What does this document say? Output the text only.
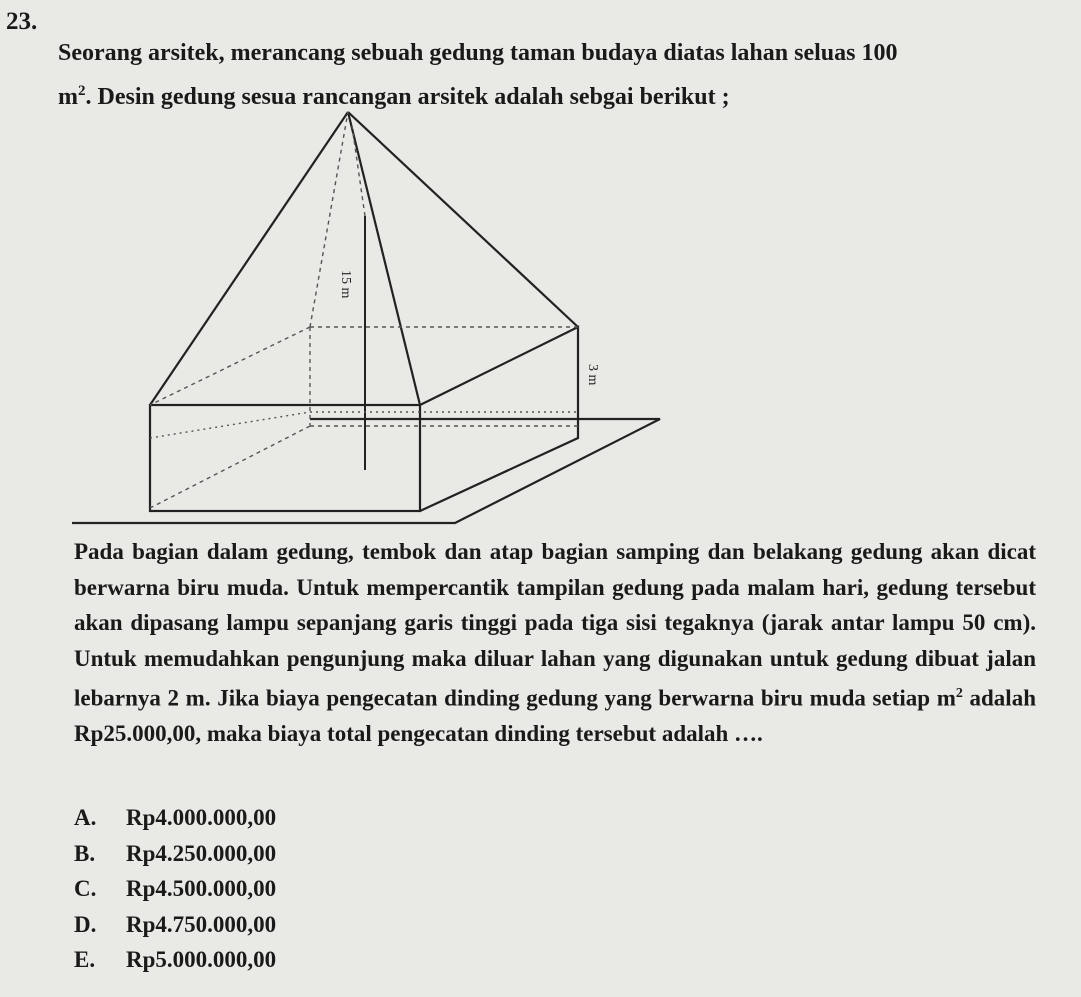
23.
Seorang arsitek, merancang sebuah gedung taman budaya diatas lahan seluas 100
$m^2$. Desin gedung sesua rancangan arsitek adalah sebgai berikut ;
15 m
3 m
Pada bagian dalam gedung, tembok dan atap bagian samping dan belakang gedung akan dicat berwarna biru muda. Untuk mempercantik tampilan gedung pada malam hari, gedung tersebut akan dipasang lampu sepanjang garis tinggi pada tiga sisi tegaknya (jarak antar lampu 50 cm). Untuk memudahkan pengunjung maka diluar lahan yang digunakan untuk gedung dibuat jalan lebarnya 2 m. Jika biaya pengecatan dinding gedung yang berwarna biru muda setiap $m^2$ adalah Rp25.000,00, maka biaya total pengecatan dinding tersebut adalah ….
A.	Rp4.000.000,00
B.	Rp4.250.000,00
C.	Rp4.500.000,00
D.	Rp4.750.000,00
E.	Rp5.000.000,00
